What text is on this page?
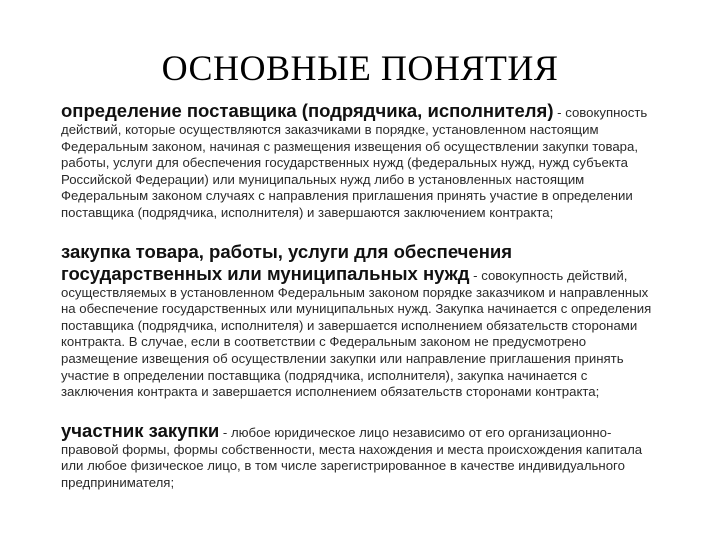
ОСНОВНЫЕ ПОНЯТИЯ

определение поставщика (подрядчика, исполнителя) - совокупность действий, которые осуществляются заказчиками в порядке, установленном настоящим Федеральным законом, начиная с размещения извещения об осуществлении закупки товара, работы, услуги для обеспечения государственных нужд (федеральных нужд, нужд субъекта Российской Федерации) или муниципальных нужд либо в установленных настоящим Федеральным законом случаях с направления приглашения принять участие в определении поставщика (подрядчика, исполнителя) и завершаются заключением контракта;

закупка товара, работы, услуги для обеспечения государственных или муниципальных нужд - совокупность действий, осуществляемых в установленном Федеральным законом порядке заказчиком и направленных на обеспечение государственных или муниципальных нужд. Закупка начинается с определения поставщика (подрядчика, исполнителя) и завершается исполнением обязательств сторонами контракта. В случае, если в соответствии с Федеральным законом не предусмотрено размещение извещения об осуществлении закупки или направление приглашения принять участие в определении поставщика (подрядчика, исполнителя), закупка начинается с заключения контракта и завершается исполнением обязательств сторонами контракта;

участник закупки - любое юридическое лицо независимо от его организационно-правовой формы, формы собственности, места нахождения и места происхождения капитала или любое физическое лицо, в том числе зарегистрированное в качестве индивидуального предпринимателя;
